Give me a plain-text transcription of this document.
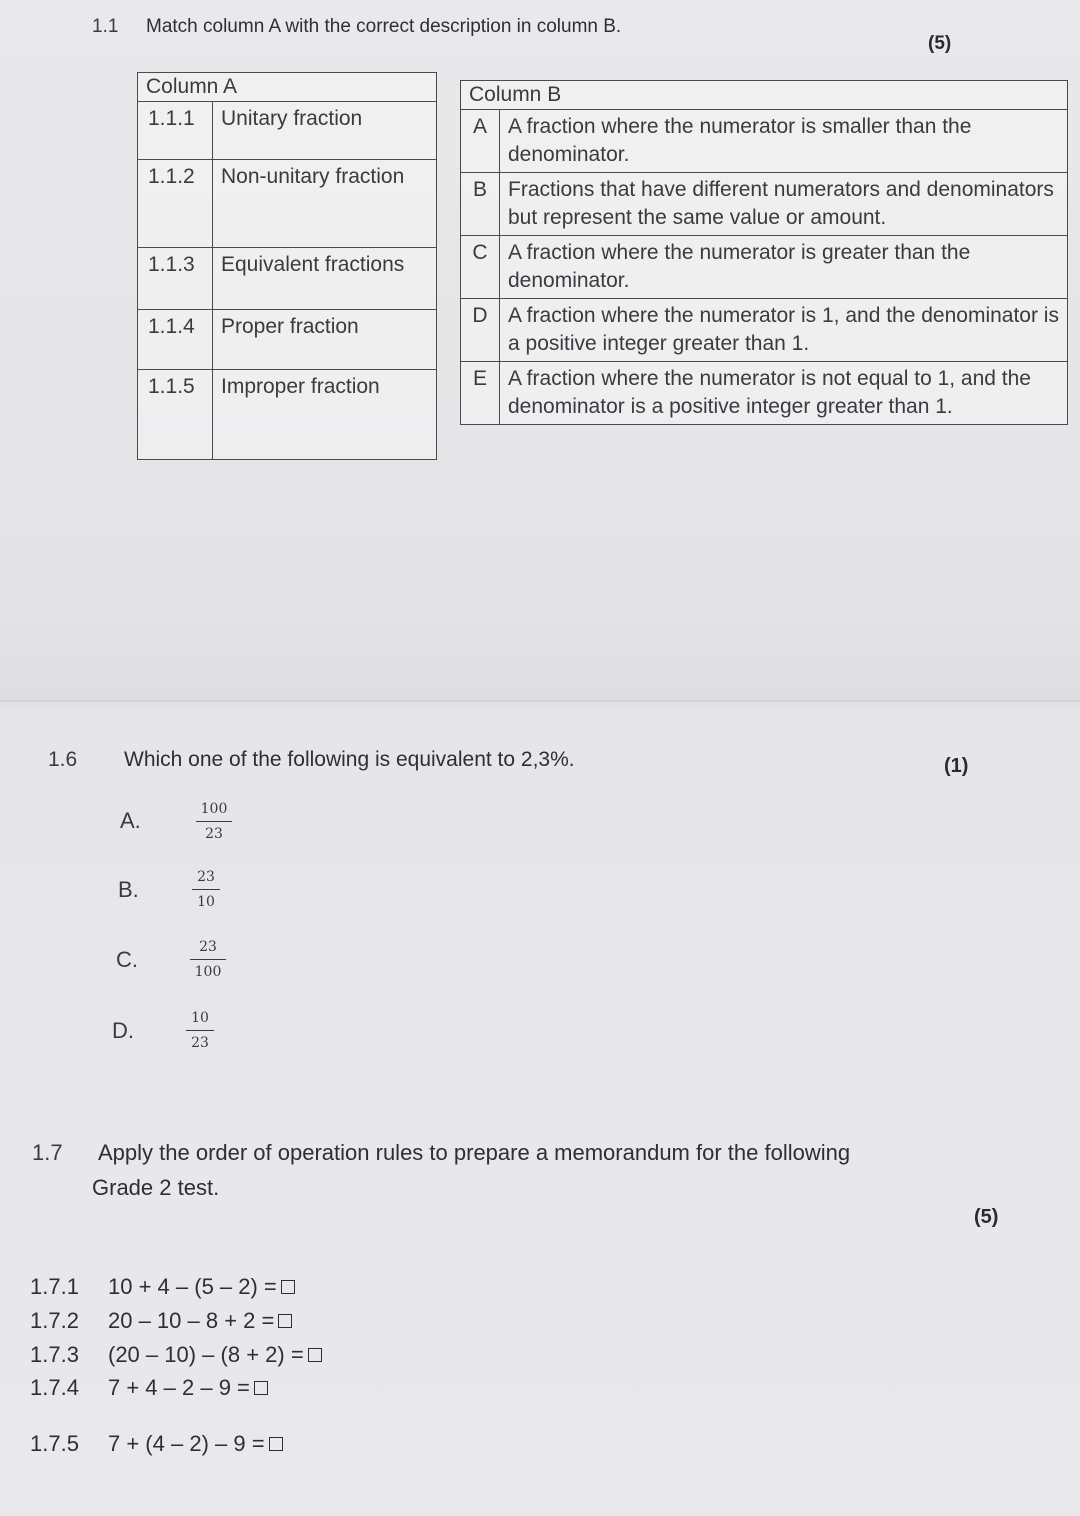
1.1 Match column A with the correct description in column B.
(5)
Column A	
1.1.1	Unitary fraction
1.1.2	Non-unitary fraction
1.1.3	Equivalent fractions
1.1.4	Proper fraction
1.1.5	Improper fraction
Column B	
A	A fraction where the numerator is smaller than the denominator.
B	Fractions that have different numerators and denominators but represent the same value or amount.
C	A fraction where the numerator is greater than the denominator.
D	A fraction where the numerator is 1, and the denominator is a positive integer greater than 1.
E	A fraction where the numerator is not equal to 1, and the denominator is a positive integer greater than 1.
1.6 Which one of the following is equivalent to 2,3%.	(1)
A.	100
23
B.	23
10
C.	23
100
D.	10
23
1.7 Apply the order of operation rules to prepare a memorandum for the following
Grade 2 test.
(5)
1.7.1 10 + 4 – (5 – 2) =
1.7.2 20 – 10 – 8 + 2 =
1.7.3 (20 – 10) – (8 + 2) =
1.7.4 7 + 4 – 2 – 9 =
1.7.5 7 + (4 – 2) – 9 =
